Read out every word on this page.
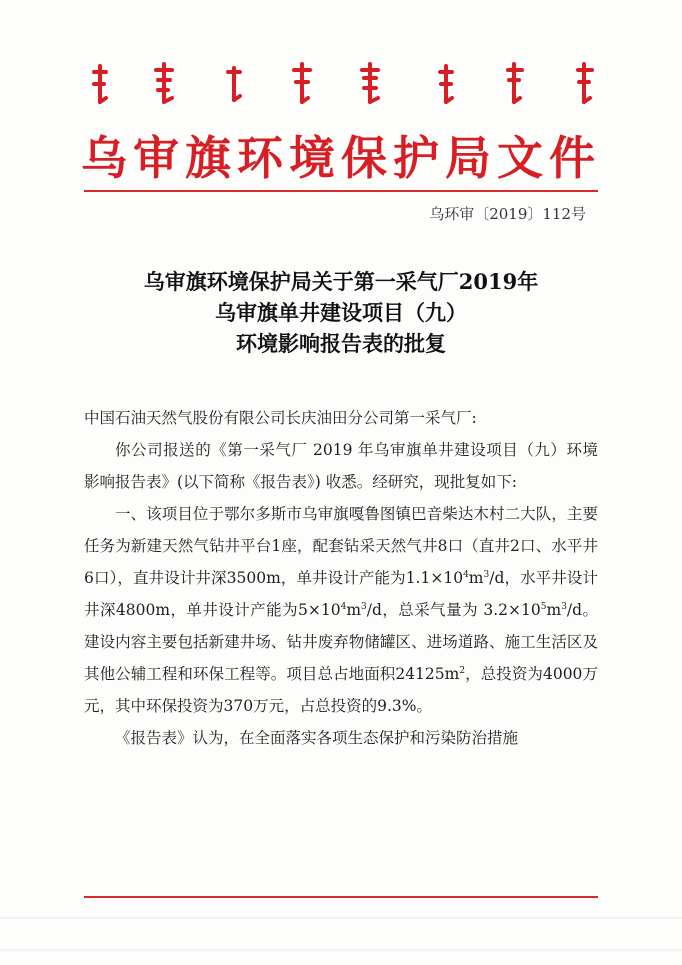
乌审旗环境保护局文件
乌环审〔2019〕112号
乌审旗环境保护局关于第一采气厂2019年
乌审旗单井建设项目（九）
环境影响报告表的批复
中国石油天然气股份有限公司长庆油田分公司第一采气厂:
你公司报送的《第一采气厂 2019 年乌审旗单井建设项目（九）环境影响报告表》(以下简称《报告表》) 收悉。经研究，现批复如下:
一、该项目位于鄂尔多斯市乌审旗嘎鲁图镇巴音柴达木村二大队，主要任务为新建天然气钻井平台1座，配套钻采天然气井8口（直井2口、水平井6口），直井设计井深3500m，单井设计产能为$1.1\times 10^4m^3/d$，水平井设计井深4800m，单井设计产能为$5\times 10^4m^3/d$，总采气量为 $3.2\times 10^5m^3/d$。建设内容主要包括新建井场、钻井废弃物储罐区、进场道路、施工生活区及其他公辅工程和环保工程等。项目总占地面积$24125m^2$，总投资为4000万元，其中环保投资为370万元，占总投资的9.3%。
《报告表》认为，在全面落实各项生态保护和污染防治措施
